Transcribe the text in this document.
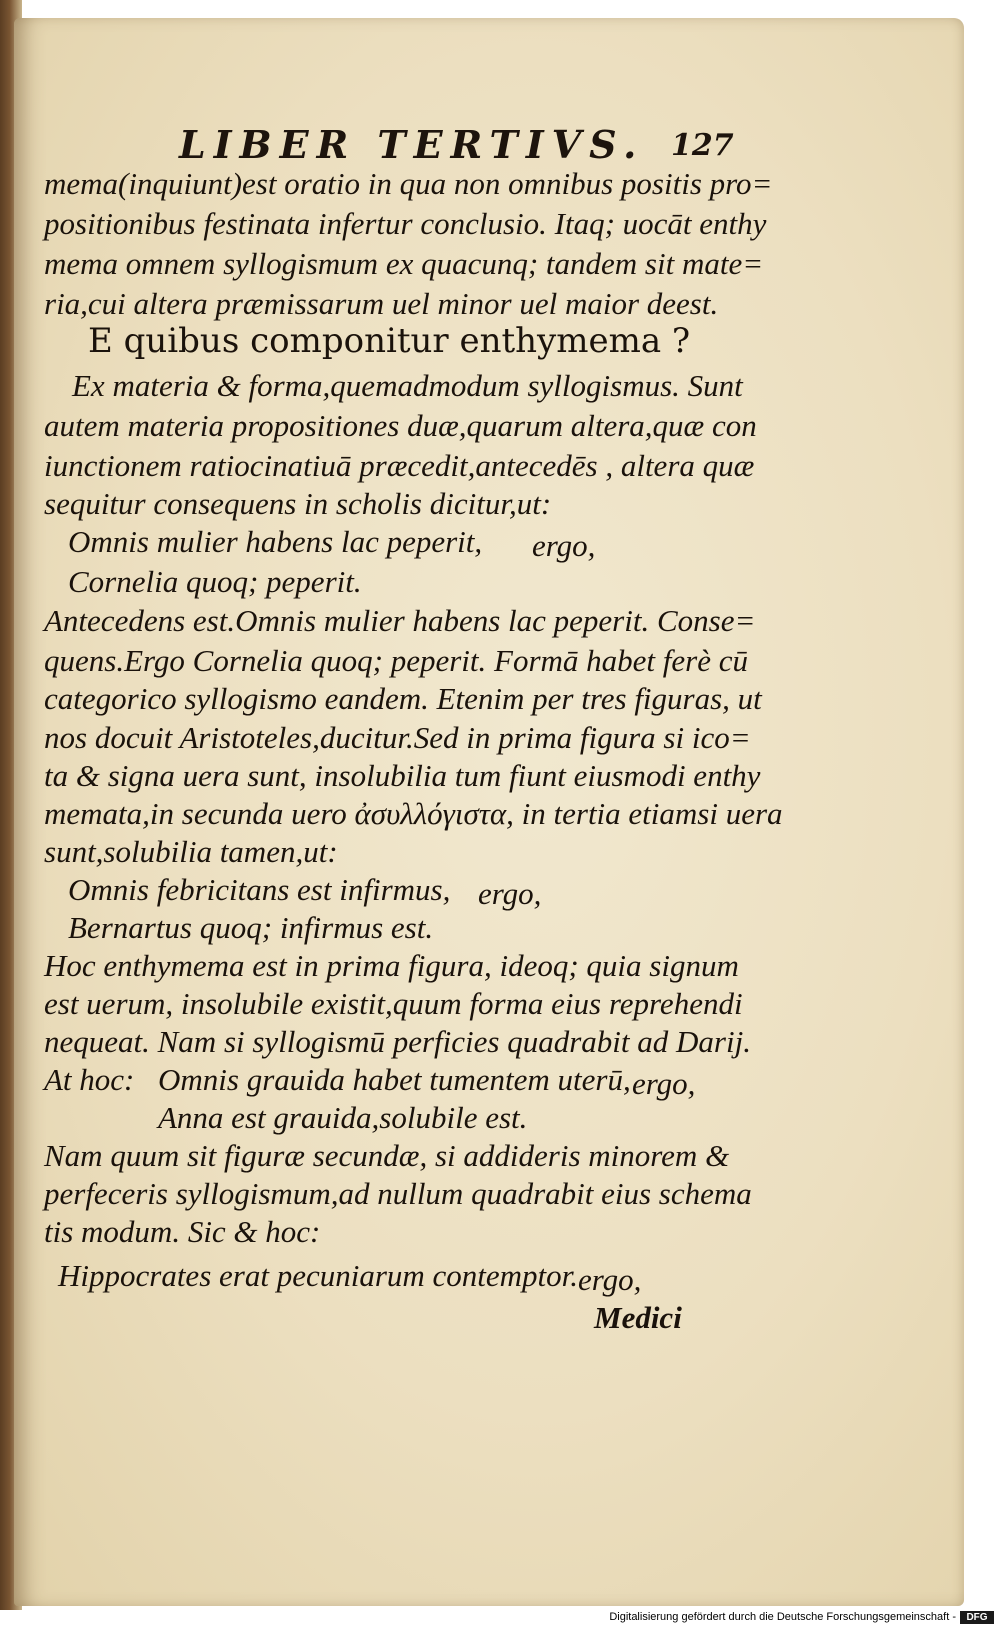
LIBER TERTIVS. 127
mema(inquiunt)est oratio in qua non omnibus positis pro=
positionibus festinata infertur conclusio. Itaq; uocāt enthy
mema omnem syllogismum ex quacunq; tandem sit mate=
ria,cui altera præmissarum uel minor uel maior deest.
E quibus componitur enthymema ?
Ex materia & forma,quemadmodum syllogismus. Sunt
autem materia propositiones duæ,quarum altera,quæ con
iunctionem ratiocinatiuā præcedit,antecedēs , altera quæ
sequitur consequens in scholis dicitur,ut:
Omnis mulier habens lac peperit, ergo,
Cornelia quoq; peperit.
Antecedens est.Omnis mulier habens lac peperit. Conse=
quens.Ergo Cornelia quoq; peperit. Formā habet ferè cū
categorico syllogismo eandem. Etenim per tres figuras, ut
nos docuit Aristoteles,ducitur.Sed in prima figura si ico=
ta & signa uera sunt, insolubilia tum fiunt eiusmodi enthy
memata,in secunda uero ἀσυλλόγιστα, in tertia etiamsi uera
sunt,solubilia tamen,ut:
Omnis febricitans est infirmus, ergo,
Bernartus quoq; infirmus est.
Hoc enthymema est in prima figura, ideoq; quia signum
est uerum, insolubile existit,quum forma eius reprehendi
nequeat. Nam si syllogismū perficies quadrabit ad Darij.
At hoc: Omnis grauida habet tumentem uterū, ergo,
Anna est grauida,solubile est.
Nam quum sit figuræ secundæ, si addideris minorem &
perfeceris syllogismum,ad nullum quadrabit eius schema
tis modum. Sic & hoc:
Hippocrates erat pecuniarum contemptor. ergo,
Medici
Digitalisierung gefördert durch die Deutsche Forschungsgemeinschaft -	DFG
